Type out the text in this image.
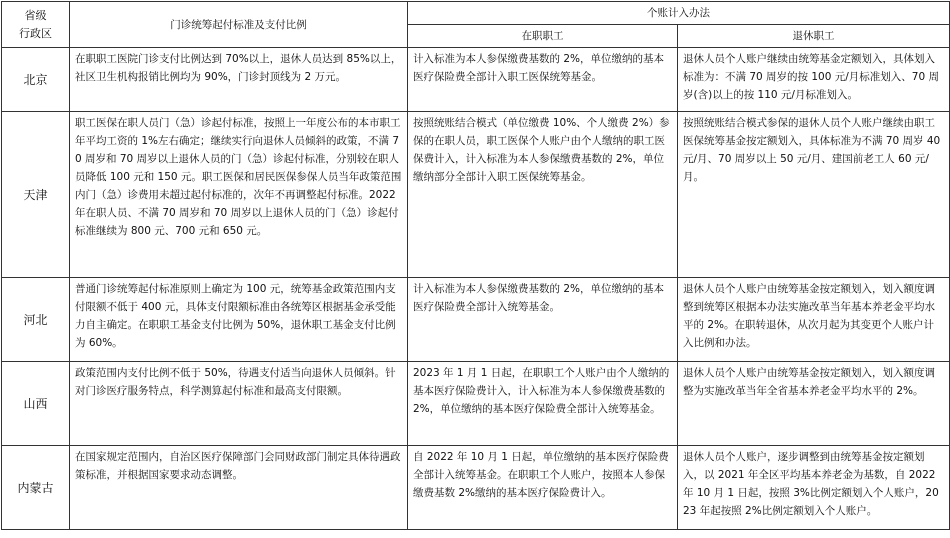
省级
行政区	门诊统筹起付标准及支付比例	个账计入办法	
		在职职工	退休职工
北京	在职职工医院门诊支付比例达到 70%以上，退休人员达到 85%以上，社区卫生机构报销比例均为 90%，门诊封顶线为 2 万元。	计入标准为本人参保缴费基数的 2%，单位缴纳的基本医疗保险费全部计入职工医保统筹基金。	退休人员个人账户继续由统筹基金定额划入，具体划入标准为：不满 70 周岁的按 100 元/月标准划入、70 周岁(含)以上的按 110 元/月标准划入。
天津	职工医保在职人员门（急）诊起付标准，按照上一年度公布的本市职工年平均工资的 1%左右确定；继续实行向退休人员倾斜的政策，不满 70 周岁和 70 周岁以上退休人员的门（急）诊起付标准，分别较在职人员降低 100 元和 150 元。职工医保和居民医保参保人员当年政策范围内门（急）诊费用未超过起付标准的，次年不再调整起付标准。2022 年在职人员、不满 70 周岁和 70 周岁以上退休人员的门（急）诊起付标准继续为 800 元、700 元和 650 元。	按照统账结合模式（单位缴费 10%、个人缴费 2%）参保的在职人员，职工医保个人账户由个人缴纳的职工医保费计入，计入标准为本人参保缴费基数的 2%，单位缴纳部分全部计入职工医保统筹基金。	按照统账结合模式参保的退休人员个人账户继续由职工医保统筹基金按定额划入，具体标准为不满 70 周岁 40 元/月、70 周岁以上 50 元/月、建国前老工人 60 元/月。
河北	普通门诊统筹起付标准原则上确定为 100 元，统筹基金政策范围内支付限额不低于 400 元，具体支付限额标准由各统筹区根据基金承受能力自主确定。在职职工基金支付比例为 50%，退休职工基金支付比例为 60%。	计入标准为本人参保缴费基数的 2%，单位缴纳的基本医疗保险费全部计入统筹基金。	退休人员个人账户由统筹基金按定额划入，划入额度调整到统筹区根据本办法实施改革当年基本养老金平均水平的 2%。在职转退休，从次月起为其变更个人账户计入比例和办法。
山西	政策范围内支付比例不低于 50%，待遇支付适当向退休人员倾斜。针对门诊医疗服务特点，科学测算起付标准和最高支付限额。	2023 年 1 月 1 日起，在职职工个人账户由个人缴纳的基本医疗保险费计入，计入标准为本人参保缴费基数的 2%，单位缴纳的基本医疗保险费全部计入统筹基金。	退休人员个人账户由统筹基金按定额划入，划入额度调整为实施改革当年全省基本养老金平均水平的 2%。
内蒙古	在国家规定范围内，自治区医疗保障部门会同财政部门制定具体待遇政策标准，并根据国家要求动态调整。	自 2022 年 10 月 1 日起，单位缴纳的基本医疗保险费全部计入统筹基金。在职职工个人账户，按照本人参保缴费基数 2%缴纳的基本医疗保险费计入。	退休人员个人账户，逐步调整到由统筹基金按定额划入，以 2021 年全区平均基本养老金为基数，自 2022 年 10 月 1 日起，按照 3%比例定额划入个人账户，2023 年起按照 2%比例定额划入个人账户。
